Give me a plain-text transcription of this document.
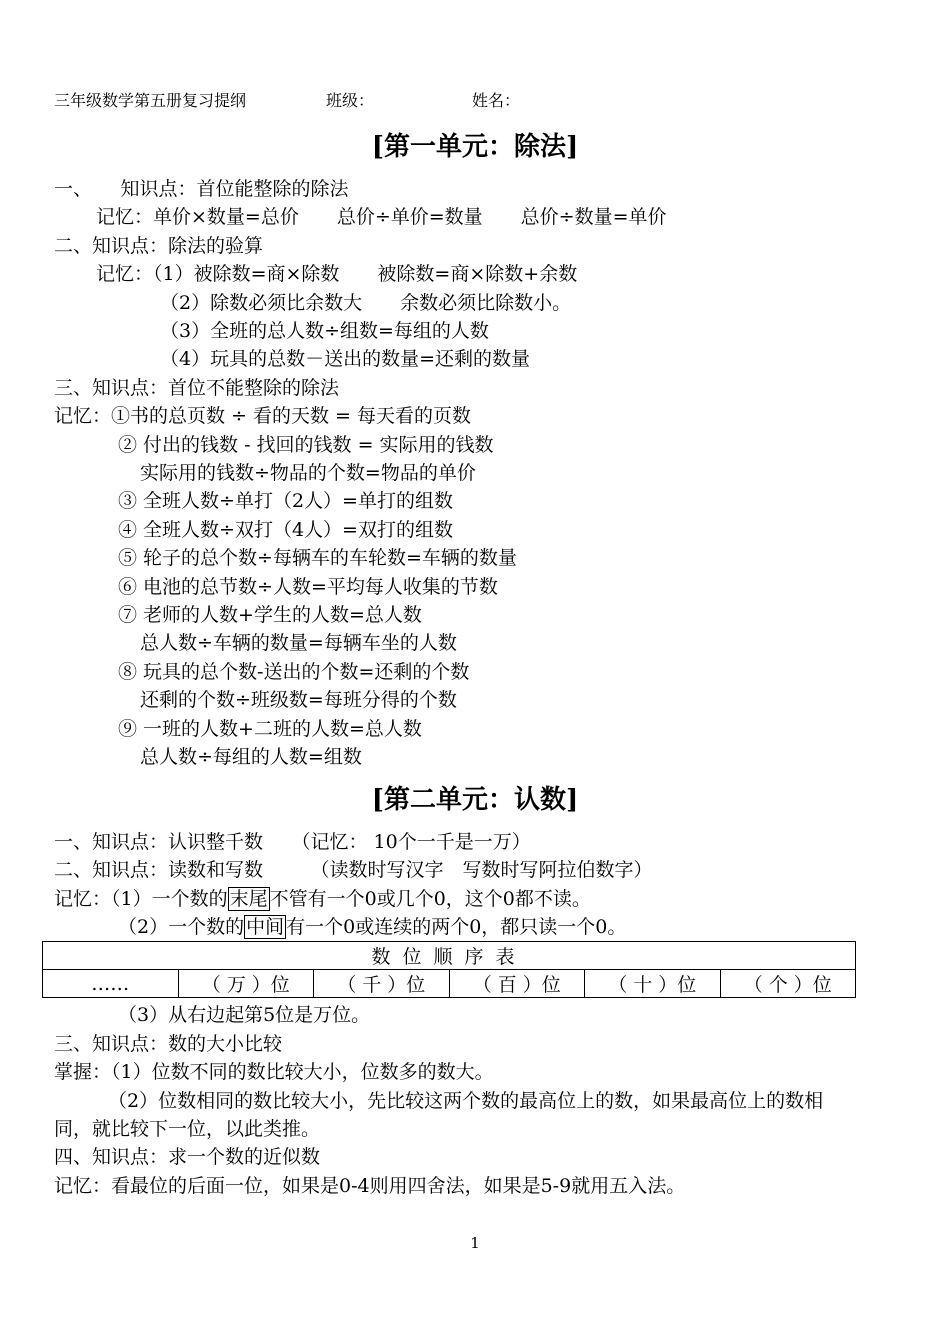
三年级数学第五册复习提纲	班级：	姓名：
[第一单元：除法]
一、　　知识点：首位能整除的除法
记忆：单价×数量=总价　　总价÷单价=数量　　总价÷数量=单价
二、知识点：除法的验算
记忆：（1）被除数=商×除数　　被除数=商×除数+余数
（2）除数必须比余数大　　余数必须比除数小。
（3）全班的总人数÷组数=每组的人数
（4）玩具的总数－送出的数量=还剩的数量
三、知识点：首位不能整除的除法
记忆：①书的总页数 ÷ 看的天数 = 每天看的页数
② 付出的钱数 - 找回的钱数 = 实际用的钱数
实际用的钱数÷物品的个数=物品的单价
③ 全班人数÷单打（2人）=单打的组数
④ 全班人数÷双打（4人）=双打的组数
⑤ 轮子的总个数÷每辆车的车轮数=车辆的数量
⑥ 电池的总节数÷人数=平均每人收集的节数
⑦ 老师的人数+学生的人数=总人数
总人数÷车辆的数量=每辆车坐的人数
⑧ 玩具的总个数-送出的个数=还剩的个数
还剩的个数÷班级数=每班分得的个数
⑨ 一班的人数+二班的人数=总人数
总人数÷每组的人数=组数
[第二单元：认数]
一、知识点：认识整千数　　（记忆： 10个一千是一万）
二、知识点：读数和写数　　　（读数时写汉字　写数时写阿拉伯数字）
记忆：（1）一个数的 末尾 不管有一个0或几个0，这个0都不读。
（2）一个数的 中间 有一个0或连续的两个0，都只读一个0。
数位顺序表
……	（ 万 ）位	（ 千 ）位	（ 百 ）位	（ 十 ）位	（ 个 ）位
（3）从右边起第5位是万位。
三、知识点：数的大小比较
掌握：（1）位数不同的数比较大小，位数多的数大。
（2）位数相同的数比较大小，先比较这两个数的最高位上的数，如果最高位上的数相
同，就比较下一位，以此类推。
四、知识点：求一个数的近似数
记忆：看最位的后面一位，如果是0-4则用四舍法，如果是5-9就用五入法。
1
